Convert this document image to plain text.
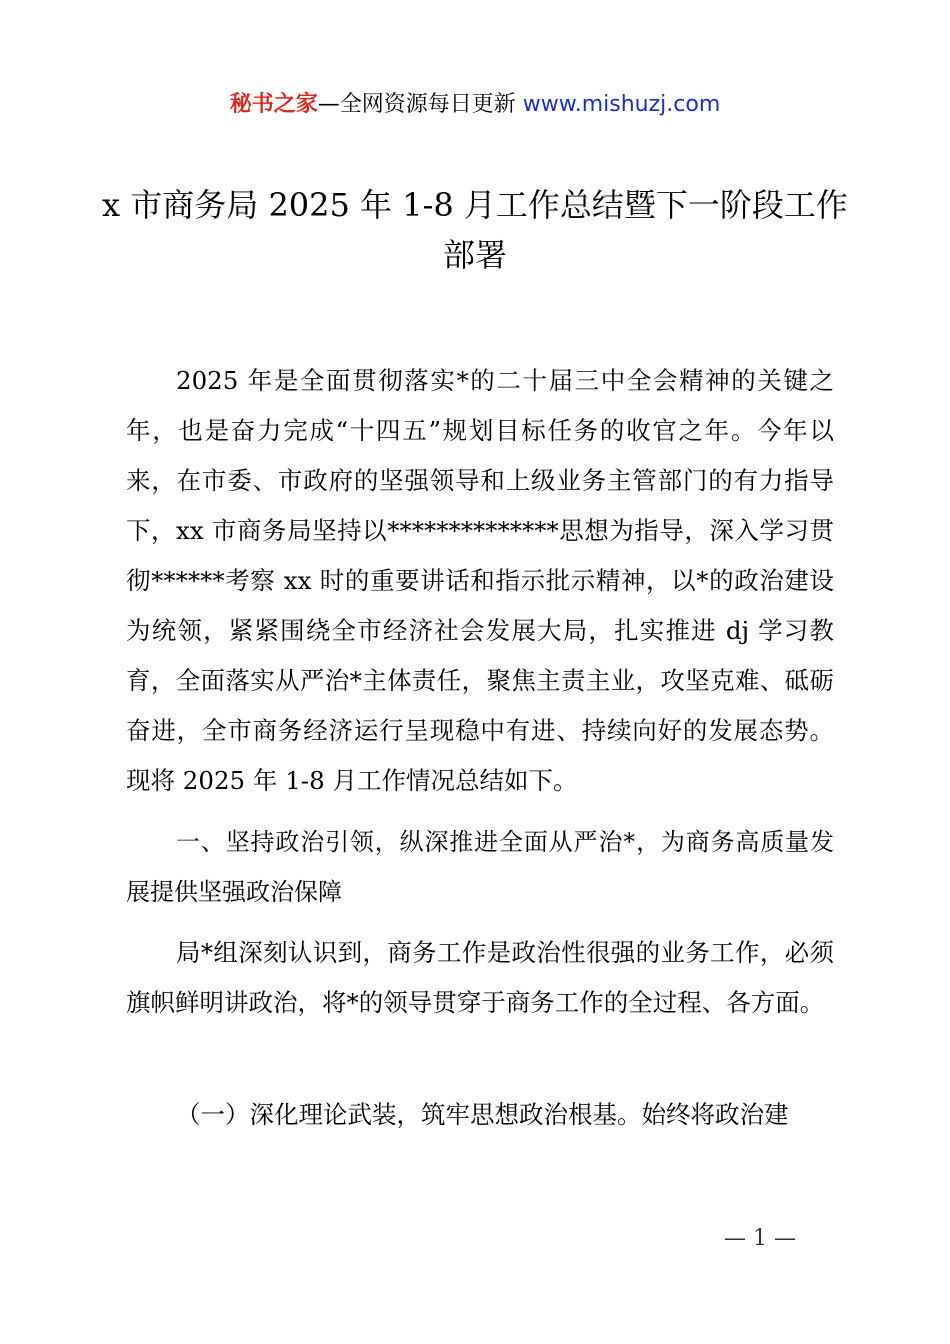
秘书之家—全网资源每日更新 www.mishuzj.com
x 市商务局 2025 年 1-8 月工作总结暨下一阶段工作部署

2025 年是全面贯彻落实*的二十届三中全会精神的关键之年，也是奋力完成“十四五”规划目标任务的收官之年。今年以来，在市委、市政府的坚强领导和上级业务主管部门的有力指导下，xx 市商务局坚持以**************思想为指导，深入学习贯彻******考察 xx 时的重要讲话和指示批示精神，以*的政治建设为统领，紧紧围绕全市经济社会发展大局，扎实推进 dj 学习教育，全面落实从严治*主体责任，聚焦主责主业，攻坚克难、砥砺奋进，全市商务经济运行呈现稳中有进、持续向好的发展态势。现将 2025 年 1-8 月工作情况总结如下。

一、坚持政治引领，纵深推进全面从严治*，为商务高质量发展提供坚强政治保障

局*组深刻认识到，商务工作是政治性很强的业务工作，必须旗帜鲜明讲政治，将*的领导贯穿于商务工作的全过程、各方面。

（一）深化理论武装，筑牢思想政治根基。始终将政治建

— 1 —
